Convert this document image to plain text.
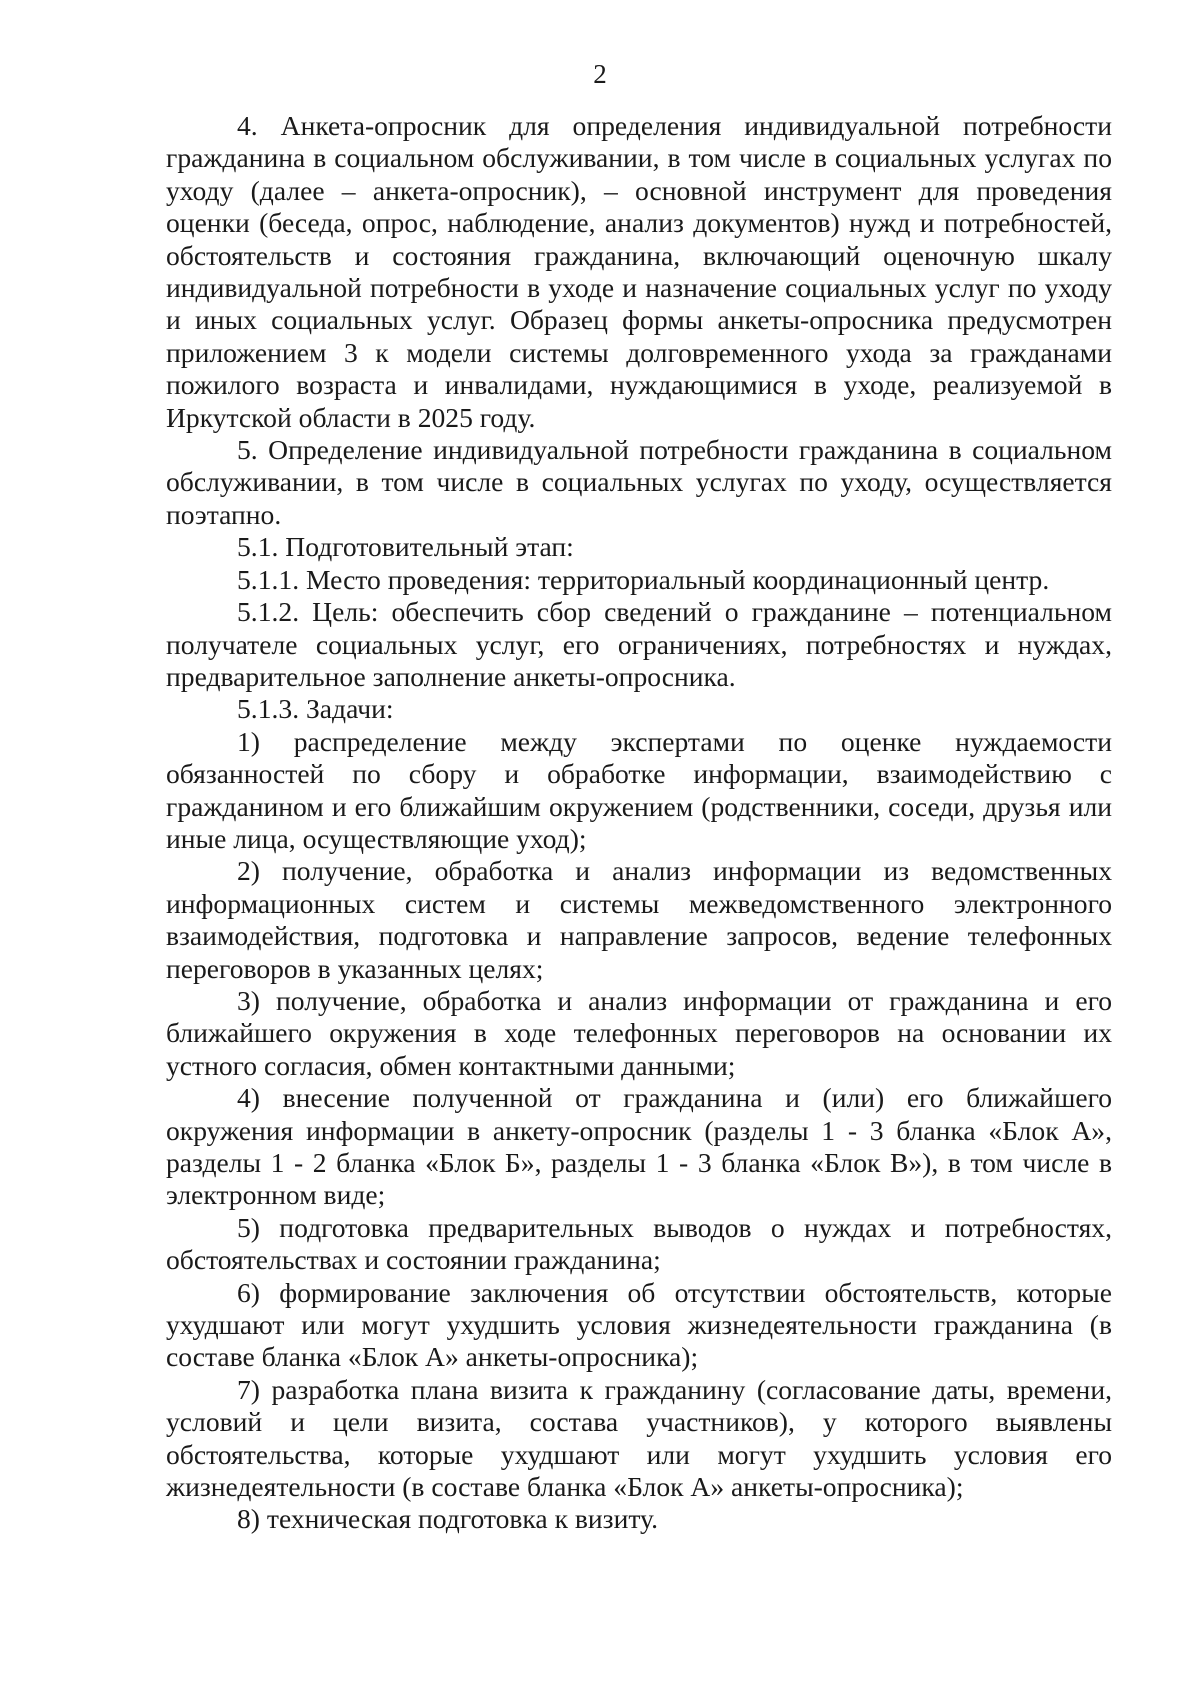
2

4. Анкета-опросник для определения индивидуальной потребности гражданина в социальном обслуживании, в том числе в социальных услугах по уходу (далее – анкета-опросник), – основной инструмент для проведения оценки (беседа, опрос, наблюдение, анализ документов) нужд и потребностей, обстоятельств и состояния гражданина, включающий оценочную шкалу индивидуальной потребности в уходе и назначение социальных услуг по уходу и иных социальных услуг. Образец формы анкеты-опросника предусмотрен приложением 3 к модели системы долговременного ухода за гражданами пожилого возраста и инвалидами, нуждающимися в уходе, реализуемой в Иркутской области в 2025 году.

5. Определение индивидуальной потребности гражданина в социальном обслуживании, в том числе в социальных услугах по уходу, осуществляется поэтапно.

5.1. Подготовительный этап:

5.1.1. Место проведения: территориальный координационный центр.

5.1.2. Цель: обеспечить сбор сведений о гражданине – потенциальном получателе социальных услуг, его ограничениях, потребностях и нуждах, предварительное заполнение анкеты-опросника.

5.1.3. Задачи:

1) распределение между экспертами по оценке нуждаемости обязанностей по сбору и обработке информации, взаимодействию с гражданином и его ближайшим окружением (родственники, соседи, друзья или иные лица, осуществляющие уход);

2) получение, обработка и анализ информации из ведомственных информационных систем и системы межведомственного электронного взаимодействия, подготовка и направление запросов, ведение телефонных переговоров в указанных целях;

3) получение, обработка и анализ информации от гражданина и его ближайшего окружения в ходе телефонных переговоров на основании их устного согласия, обмен контактными данными;

4) внесение полученной от гражданина и (или) его ближайшего окружения информации в анкету-опросник (разделы 1 - 3 бланка «Блок А», разделы 1 - 2 бланка «Блок Б», разделы 1 - 3 бланка «Блок В»), в том числе в электронном виде;

5) подготовка предварительных выводов о нуждах и потребностях, обстоятельствах и состоянии гражданина;

6) формирование заключения об отсутствии обстоятельств, которые ухудшают или могут ухудшить условия жизнедеятельности гражданина (в составе бланка «Блок А» анкеты-опросника);

7) разработка плана визита к гражданину (согласование даты, времени, условий и цели визита, состава участников), у которого выявлены обстоятельства, которые ухудшают или могут ухудшить условия его жизнедеятельности (в составе бланка «Блок А» анкеты-опросника);

8) техническая подготовка к визиту.
